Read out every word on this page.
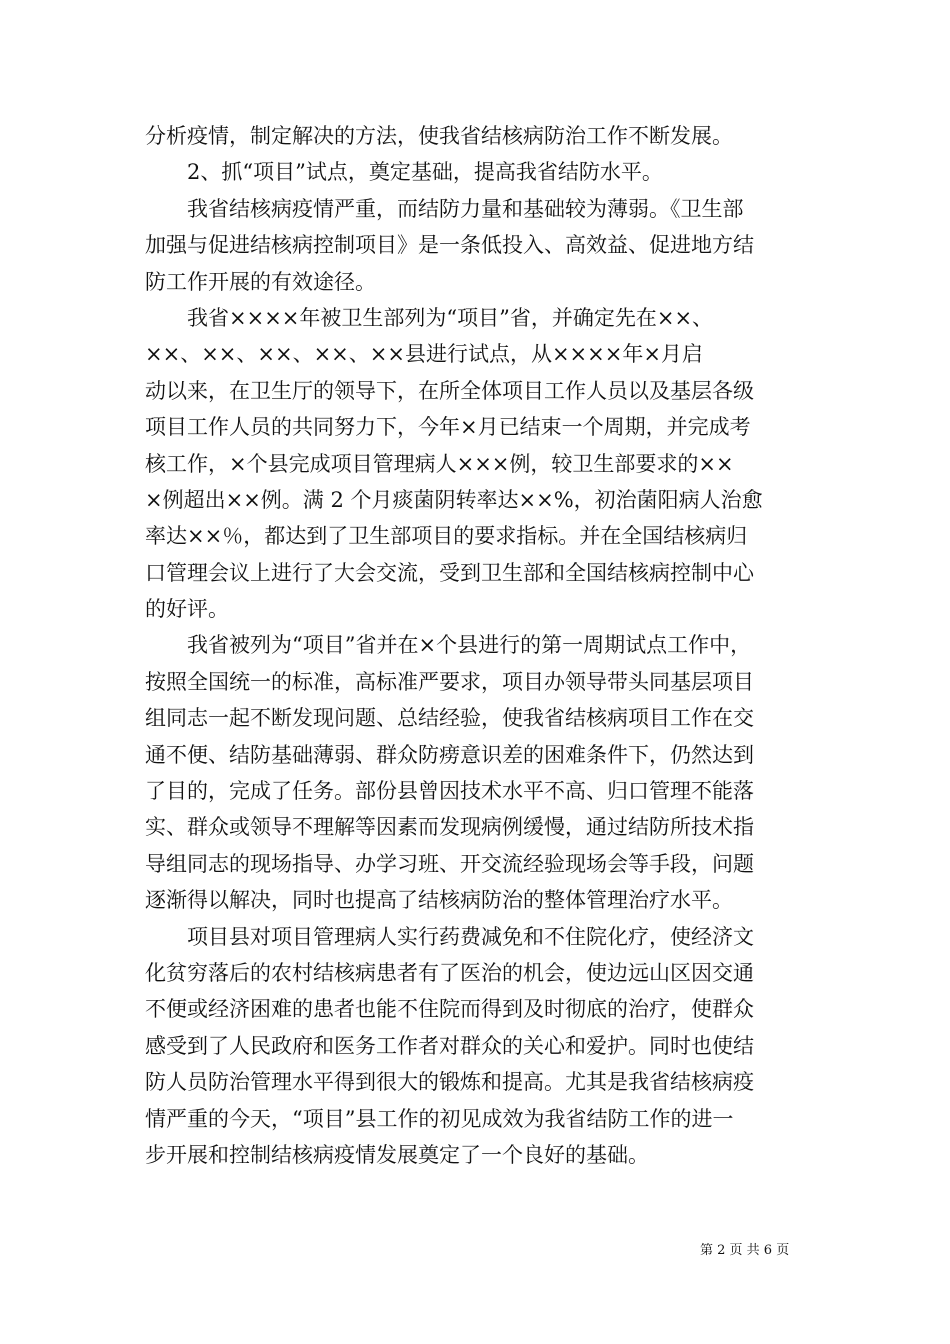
分析疫情，制定解决的方法，使我省结核病防治工作不断发展。
　　2、抓“项目”试点，奠定基础，提高我省结防水平。
　　我省结核病疫情严重，而结防力量和基础较为薄弱。《卫生部
加强与促进结核病控制项目》是一条低投入、高效益、促进地方结
防工作开展的有效途径。
　　我省××××年被卫生部列为“项目”省，并确定先在××、
××、××、××、××、××县进行试点，从××××年×月启
动以来，在卫生厅的领导下，在所全体项目工作人员以及基层各级
项目工作人员的共同努力下，今年×月已结束一个周期，并完成考
核工作，×个县完成项目管理病人×××例，较卫生部要求的××
×例超出××例。满 2 个月痰菌阴转率达××%，初治菌阳病人治愈
率达××％，都达到了卫生部项目的要求指标。并在全国结核病归
口管理会议上进行了大会交流，受到卫生部和全国结核病控制中心
的好评。
　　我省被列为“项目”省并在×个县进行的第一周期试点工作中，
按照全国统一的标准，高标准严要求，项目办领导带头同基层项目
组同志一起不断发现问题、总结经验，使我省结核病项目工作在交
通不便、结防基础薄弱、群众防痨意识差的困难条件下，仍然达到
了目的，完成了任务。部份县曾因技术水平不高、归口管理不能落
实、群众或领导不理解等因素而发现病例缓慢，通过结防所技术指
导组同志的现场指导、办学习班、开交流经验现场会等手段，问题
逐渐得以解决，同时也提高了结核病防治的整体管理治疗水平。
　　项目县对项目管理病人实行药费减免和不住院化疗，使经济文
化贫穷落后的农村结核病患者有了医治的机会，使边远山区因交通
不便或经济困难的患者也能不住院而得到及时彻底的治疗，使群众
感受到了人民政府和医务工作者对群众的关心和爱护。同时也使结
防人员防治管理水平得到很大的锻炼和提高。尤其是我省结核病疫
情严重的今天，“项目”县工作的初见成效为我省结防工作的进一
步开展和控制结核病疫情发展奠定了一个良好的基础。
第 2 页 共 6 页
